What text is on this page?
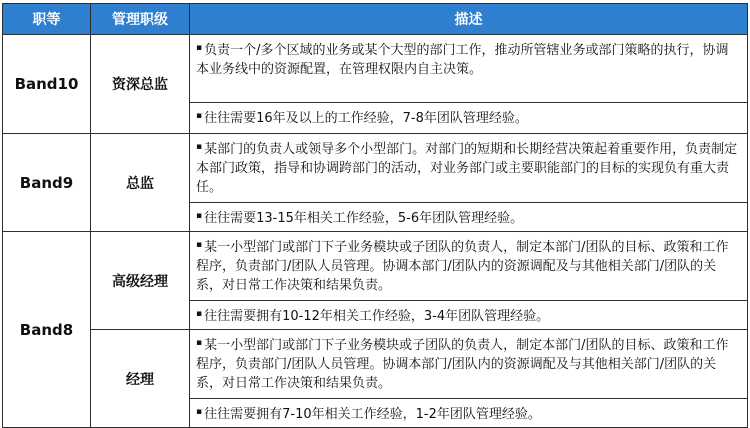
职等	管理职级	描述
Band10	资深总监	▪ 负责一个/多个区域的业务或某个大型的部门工作，推动所管辖业务或部门策略的执行，协调本业务线中的资源配置，在管理权限内自主决策。
		▪ 往往需要16年及以上的工作经验，7-8年团队管理经验。
Band9	总监	▪ 某部门的负责人或领导多个小型部门。对部门的短期和长期经营决策起着重要作用，负责制定本部门政策，指导和协调跨部门的活动，对业务部门或主要职能部门的目标的实现负有重大责任。
		▪ 往往需要13-15年相关工作经验，5-6年团队管理经验。
Band8	高级经理	▪ 某一小型部门或部门下子业务模块或子团队的负责人，制定本部门/团队的目标、政策和工作程序，负责部门/团队人员管理。协调本部门/团队内的资源调配及与其他相关部门/团队的关系，对日常工作决策和结果负责。
		▪ 往往需要拥有10-12年相关工作经验，3-4年团队管理经验。
	经理	▪ 某一小型部门或部门下子业务模块或子团队的负责人，制定本部门/团队的目标、政策和工作程序，负责部门/团队人员管理。协调本部门/团队内的资源调配及与其他相关部门/团队的关系，对日常工作决策和结果负责。
		▪ 往往需要拥有7-10年相关工作经验，1-2年团队管理经验。
